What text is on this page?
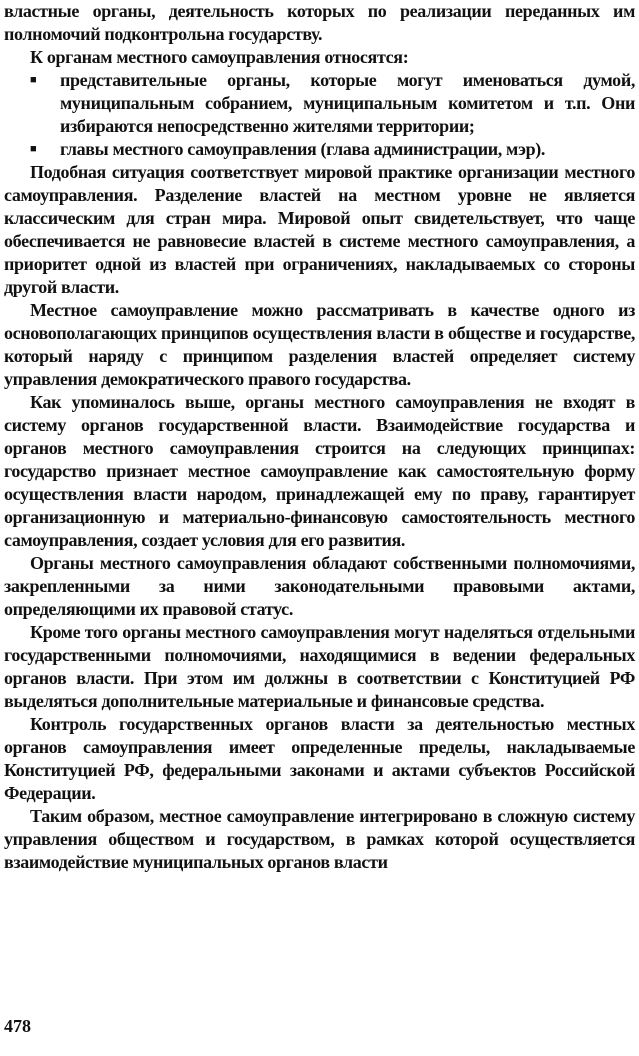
властные органы, деятельность которых по реализации переданных им полномочий подконтрольна государству.

К органам местного самоуправления относятся:

■	представительные органы, которые могут именоваться думой, муниципальным собранием, муниципальным комитетом и т.п. Они избираются непосредственно жителями территории;
■	главы местного самоуправления (глава администрации, мэр).

Подобная ситуация соответствует мировой практике организации местного самоуправления. Разделение властей на местном уровне не является классическим для стран мира. Мировой опыт свидетельствует, что чаще обеспечивается не равновесие властей в системе местного самоуправления, а приоритет одной из властей при ограничениях, накладываемых со стороны другой власти.

Местное самоуправление можно рассматривать в качестве одного из основополагающих принципов осуществления власти в обществе и государстве, который наряду с принципом разделения властей определяет систему управления демократического правого государства.

Как упоминалось выше, органы местного самоуправления не входят в систему органов государственной власти. Взаимодействие государства и органов местного самоуправления строится на следующих принципах: государство признает местное самоуправление как самостоятельную форму осуществления власти народом, принадлежащей ему по праву, гарантирует организационную и материально-финансовую самостоятельность местного самоуправления, создает условия для его развития.

Органы местного самоуправления обладают собственными полномочиями, закрепленными за ними законодательными правовыми актами, определяющими их правовой статус.

Кроме того органы местного самоуправления могут наделяться отдельными государственными полномочиями, находящимися в ведении федеральных органов власти. При этом им должны в соответствии с Конституцией РФ выделяться дополнительные материальные и финансовые средства.

Контроль государственных органов власти за деятельностью местных органов самоуправления имеет определенные пределы, накладываемые Конституцией РФ, федеральными законами и актами субъектов Российской Федерации.

Таким образом, местное самоуправление интегрировано в сложную систему управления обществом и государством, в рамках которой осуществляется взаимодействие муниципальных органов власти

478
